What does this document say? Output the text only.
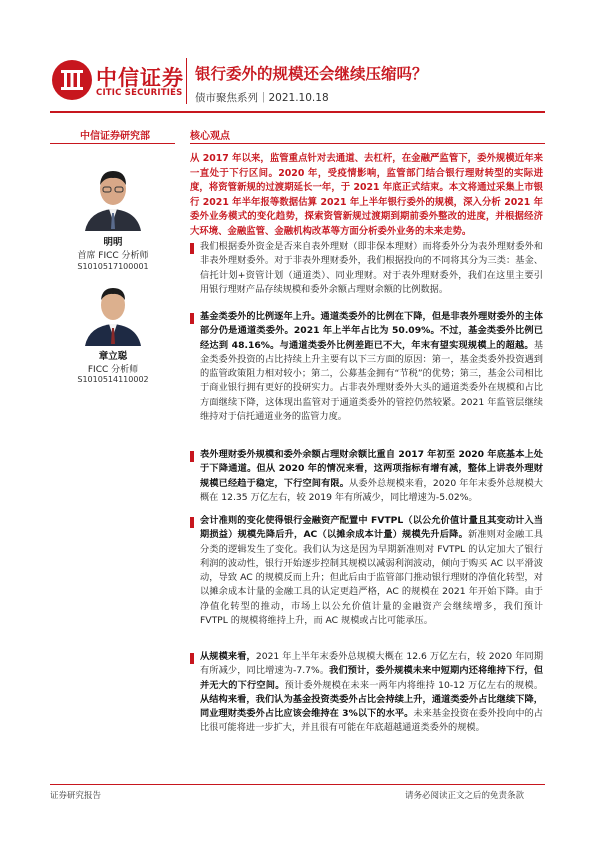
中信证券
CITIC SECURITIES
银行委外的规模还会继续压缩吗？
债市聚焦系列｜2021.10.18
中信证券研究部
明明
首席 FICC 分析师
S1010517100001
章立聪
FICC 分析师
S1010514110002
核心观点
从 2017 年以来，监管重点针对去通道、去杠杆，在金融严监管下，委外规模近年来一直处于下行区间。2020 年，受疫情影响，监管部门结合银行理财转型的实际进度，将资管新规的过渡期延长一年，于 2021 年底正式结束。本文将通过采集上市银行 2021 年半年报等数据估算 2021 年上半年银行委外的规模，深入分析 2021 年委外业务模式的变化趋势，探索资管新规过渡期到期前委外整改的进度，并根据经济大环境、金融监管、金融机构改革等方面分析委外业务的未来走势。
我们根据委外资金是否来自表外理财（即非保本理财）而将委外分为表外理财委外和非表外理财委外。对于非表外理财委外，我们根据投向的不同将其分为三类：基金、信托计划+资管计划（通道类）、同业理财。对于表外理财委外，我们在这里主要引用银行理财产品存续规模和委外余额占理财余额的比例数据。
基金类委外的比例逐年上升。通道类委外的比例在下降，但是非表外理财委外的主体部分仍是通道类委外。2021 年上半年占比为 50.09%。不过，基金类委外比例已经达到 48.16%。与通道类委外比例差距已不大，年末有望实现规模上的超越。基金类委外投资的占比持续上升主要有以下三方面的原因：第一，基金类委外投资遇到的监管政策阻力相对较小；第二，公募基金拥有“节税”的优势；第三，基金公司相比于商业银行拥有更好的投研实力。占非表外理财委外大头的通道类委外在规模和占比方面继续下降，这体现出监管对于通道类委外的管控仍然较紧。2021 年监管层继续维持对于信托通道业务的监管力度。
表外理财委外规模和委外余额占理财余额比重自 2017 年初至 2020 年底基本上处于下降通道。但从 2020 年的情况来看，这两项指标有增有减，整体上讲表外理财规模已经趋于稳定，下行空间有限。从委外总规模来看，2020 年年末委外总规模大概在 12.35 万亿左右，较 2019 年有所减少，同比增速为-5.02%。
会计准则的变化使得银行金融资产配置中 FVTPL（以公允价值计量且其变动计入当期损益）规模先降后升，AC（以摊余成本计量）规模先升后降。新准则对金融工具分类的逻辑发生了变化。我们认为这是因为早期新准则对 FVTPL 的认定加大了银行利润的波动性，银行开始逐步控制其规模以减弱利润波动，倾向于购买 AC 以平滑波动，导致 AC 的规模反而上升；但此后由于监管部门推动银行理财的净值化转型，对以摊余成本计量的金融工具的认定更趋严格，AC 的规模在 2021 年开始下降。由于净值化转型的推动，市场上以公允价值计量的金融资产会继续增多，我们预计 FVTPL 的规模将维持上升，而 AC 规模或占比可能承压。
从规模来看，2021 年上半年末委外总规模大概在 12.6 万亿左右，较 2020 年同期有所减少，同比增速为-7.7%。我们预计，委外规模未来中短期内还将维持下行，但并无大的下行空间。预计委外规模在未来一两年内将维持 10-12 万亿左右的规模。从结构来看，我们认为基金投资类委外占比会持续上升，通道类委外占比继续下降，同业理财类委外占比应该会维持在 3%以下的水平。未来基金投资在委外投向中的占比很可能将进一步扩大，并且很有可能在年底超越通道类委外的规模。
证券研究报告	请务必阅读正文之后的免责条款
